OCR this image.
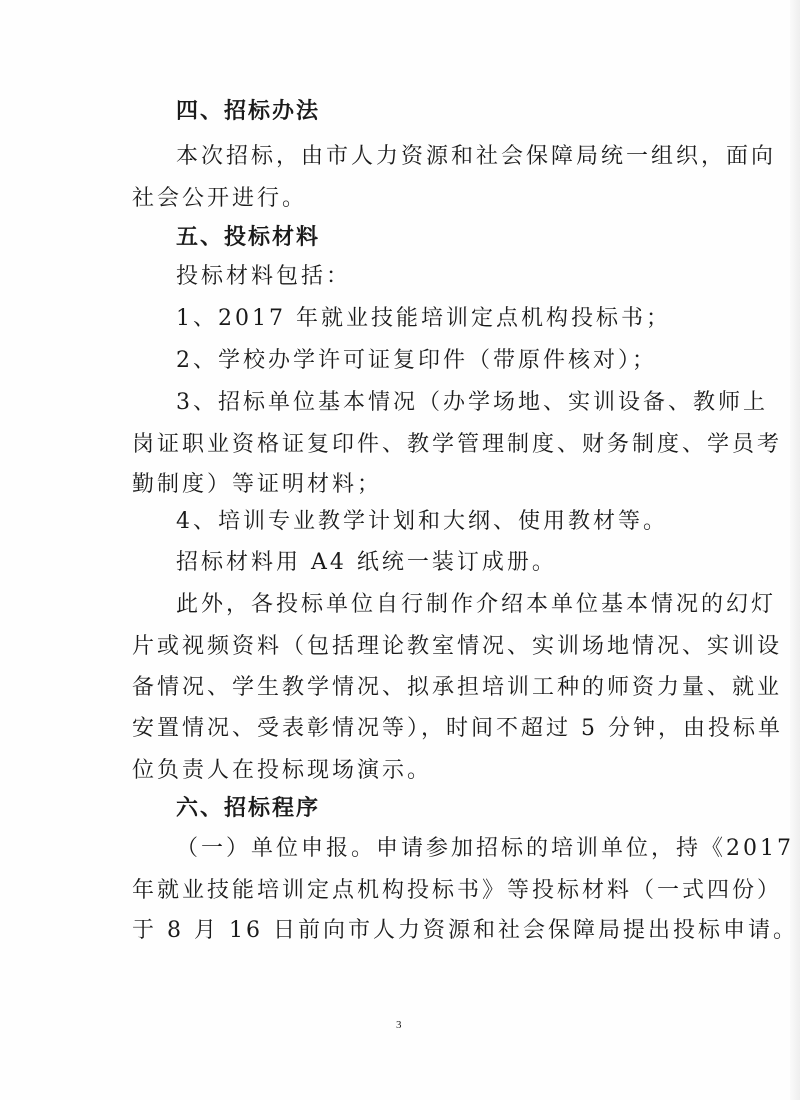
四、招标办法
本次招标，由市人力资源和社会保障局统一组织，面向
社会公开进行。
五、投标材料
投标材料包括：
1、2017 年就业技能培训定点机构投标书；
2、学校办学许可证复印件（带原件核对）；
3、招标单位基本情况（办学场地、实训设备、教师上
岗证职业资格证复印件、教学管理制度、财务制度、学员考
勤制度）等证明材料；
4、培训专业教学计划和大纲、使用教材等。
招标材料用 A4 纸统一装订成册。
此外，各投标单位自行制作介绍本单位基本情况的幻灯
片或视频资料（包括理论教室情况、实训场地情况、实训设
备情况、学生教学情况、拟承担培训工种的师资力量、就业
安置情况、受表彰情况等），时间不超过 5 分钟，由投标单
位负责人在投标现场演示。
六、招标程序
（一）单位申报。申请参加招标的培训单位，持《2017
年就业技能培训定点机构投标书》等投标材料（一式四份）
于 8 月 16 日前向市人力资源和社会保障局提出投标申请。
3
